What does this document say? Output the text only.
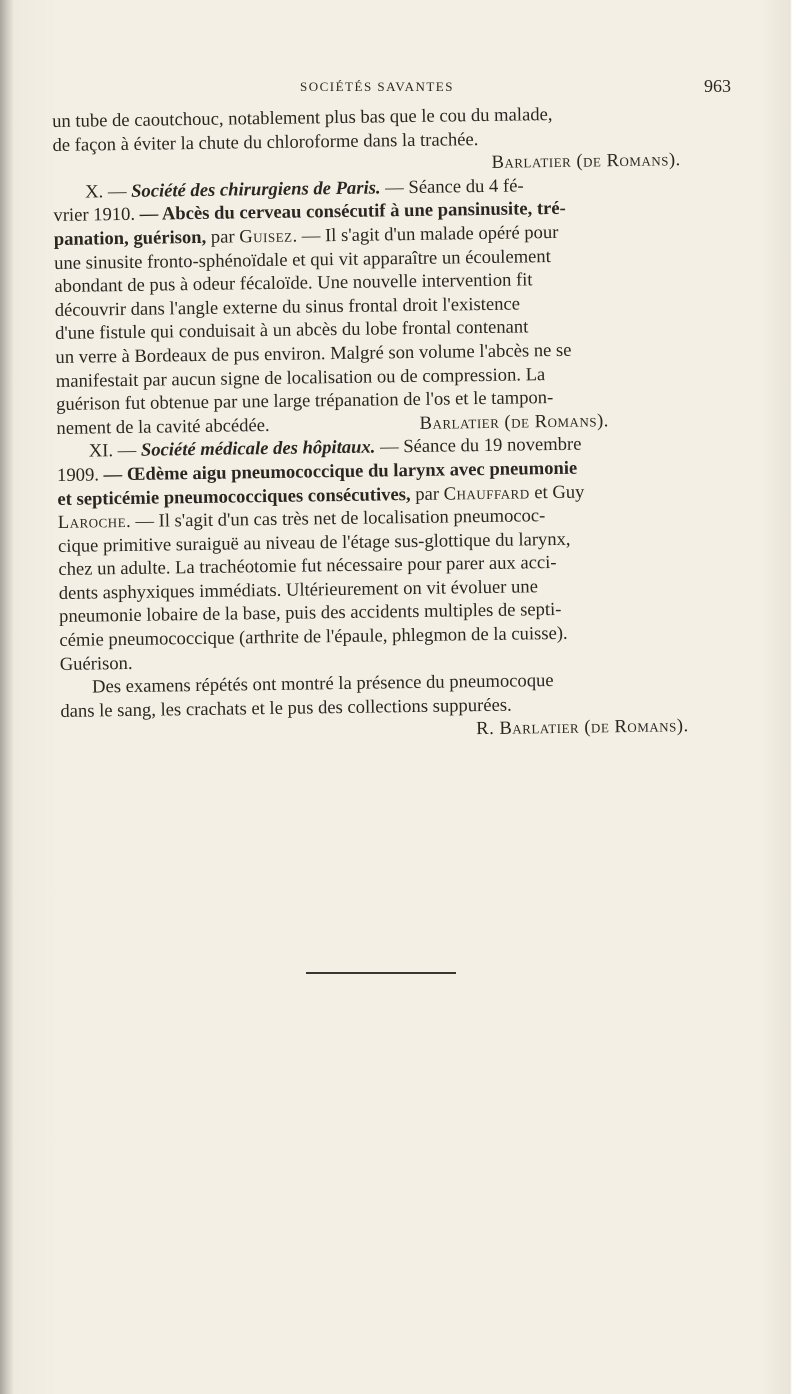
SOCIÉTÉS SAVANTES	963

un tube de caoutchouc, notablement plus bas que le cou du malade,
de façon à éviter la chute du chloroforme dans la trachée.
Barlatier (de Romans).

X. — Société des chirurgiens de Paris. — Séance du 4 fé-
vrier 1910. — Abcès du cerveau consécutif à une pansinusite, tré-
panation, guérison, par Guisez. — Il s'agit d'un malade opéré pour
une sinusite fronto-sphénoïdale et qui vit apparaître un écoulement
abondant de pus à odeur fécaloïde. Une nouvelle intervention fit
découvrir dans l'angle externe du sinus frontal droit l'existence
d'une fistule qui conduisait à un abcès du lobe frontal contenant
un verre à Bordeaux de pus environ. Malgré son volume l'abcès ne se
manifestait par aucun signe de localisation ou de compression. La
guérison fut obtenue par une large trépanation de l'os et le tampon-
nement de la cavité abcédée.	Barlatier (de Romans).

XI. — Société médicale des hôpitaux. — Séance du 19 novembre
1909. — Œdème aigu pneumococcique du larynx avec pneumonie
et septicémie pneumococciques consécutives, par Chauffard et Guy
Laroche. — Il s'agit d'un cas très net de localisation pneumococ-
cique primitive suraiguë au niveau de l'étage sus-glottique du larynx,
chez un adulte. La trachéotomie fut nécessaire pour parer aux acci-
dents asphyxiques immédiats. Ultérieurement on vit évoluer une
pneumonie lobaire de la base, puis des accidents multiples de septi-
cémie pneumococcique (arthrite de l'épaule, phlegmon de la cuisse).
Guérison.
Des examens répétés ont montré la présence du pneumocoque
dans le sang, les crachats et le pus des collections suppurées.
R. Barlatier (de Romans).
